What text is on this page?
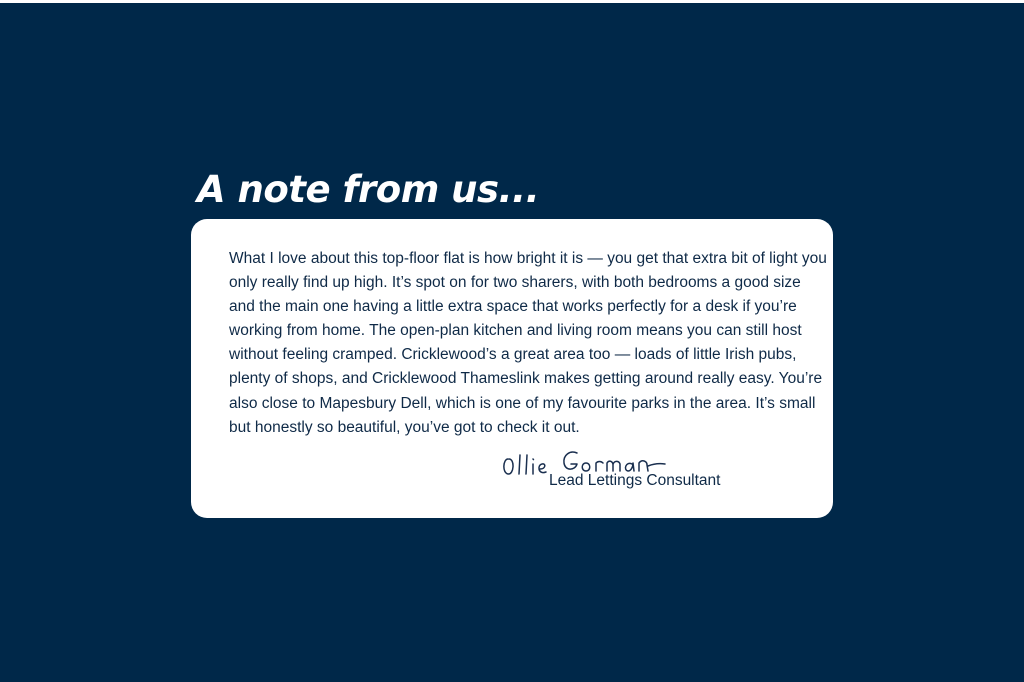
A note from us...

What I love about this top-floor flat is how bright it is — you get that extra bit of light you only really find up high. It’s spot on for two sharers, with both bedrooms a good size and the main one having a little extra space that works perfectly for a desk if you’re working from home. The open-plan kitchen and living room means you can still host without feeling cramped. Cricklewood’s a great area too — loads of little Irish pubs, plenty of shops, and Cricklewood Thameslink makes getting around really easy. You’re also close to Mapesbury Dell, which is one of my favourite parks in the area. It’s small but honestly so beautiful, you’ve got to check it out.

Lead Lettings Consultant
